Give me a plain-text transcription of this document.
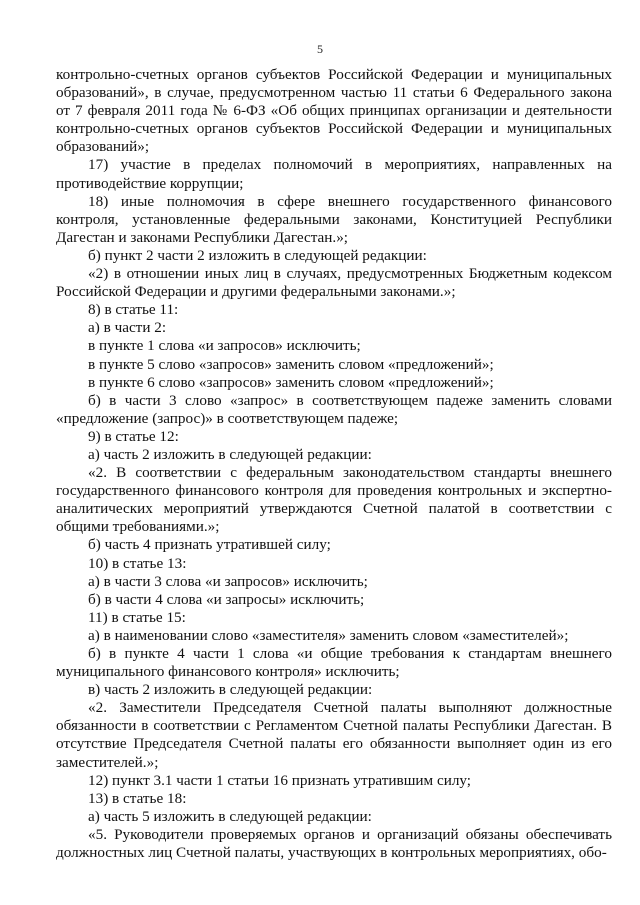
5

контрольно-счетных органов субъектов Российской Федерации и муниципальных образований», в случае, предусмотренном частью 11 статьи 6 Федерального закона от 7 февраля 2011 года № 6-ФЗ «Об общих принципах организации и деятельности контрольно-счетных органов субъектов Российской Федерации и муниципальных образований»;

17) участие в пределах полномочий в мероприятиях, направленных на противодействие коррупции;

18) иные полномочия в сфере внешнего государственного финансового контроля, установленные федеральными законами, Конституцией Республики Дагестан и законами Республики Дагестан.»;

б) пункт 2 части 2 изложить в следующей редакции:

«2) в отношении иных лиц в случаях, предусмотренных Бюджетным кодексом Российской Федерации и другими федеральными законами.»;

8) в статье 11:

а) в части 2:

в пункте 1 слова «и запросов» исключить;

в пункте 5 слово «запросов» заменить словом «предложений»;

в пункте 6 слово «запросов» заменить словом «предложений»;

б) в части 3 слово «запрос» в соответствующем падеже заменить словами «предложение (запрос)» в соответствующем падеже;

9) в статье 12:

а) часть 2 изложить в следующей редакции:

«2. В соответствии с федеральным законодательством стандарты внешнего государственного финансового контроля для проведения контрольных и экспертно-аналитических мероприятий утверждаются Счетной палатой в соответствии с общими требованиями.»;

б) часть 4 признать утратившей силу;

10) в статье 13:

а) в части 3 слова «и запросов» исключить;

б) в части 4 слова «и запросы» исключить;

11) в статье 15:

а) в наименовании слово «заместителя» заменить словом «заместителей»;

б) в пункте 4 части 1 слова «и общие требования к стандартам внешнего муниципального финансового контроля» исключить;

в) часть 2 изложить в следующей редакции:

«2. Заместители Председателя Счетной палаты выполняют должностные обязанности в соответствии с Регламентом Счетной палаты Республики Дагестан. В отсутствие Председателя Счетной палаты его обязанности выполняет один из его заместителей.»;

12) пункт 3.1 части 1 статьи 16 признать утратившим силу;

13) в статье 18:

а) часть 5 изложить в следующей редакции:

«5. Руководители проверяемых органов и организаций обязаны обеспечивать должностных лиц Счетной палаты, участвующих в контрольных мероприятиях, обо-
